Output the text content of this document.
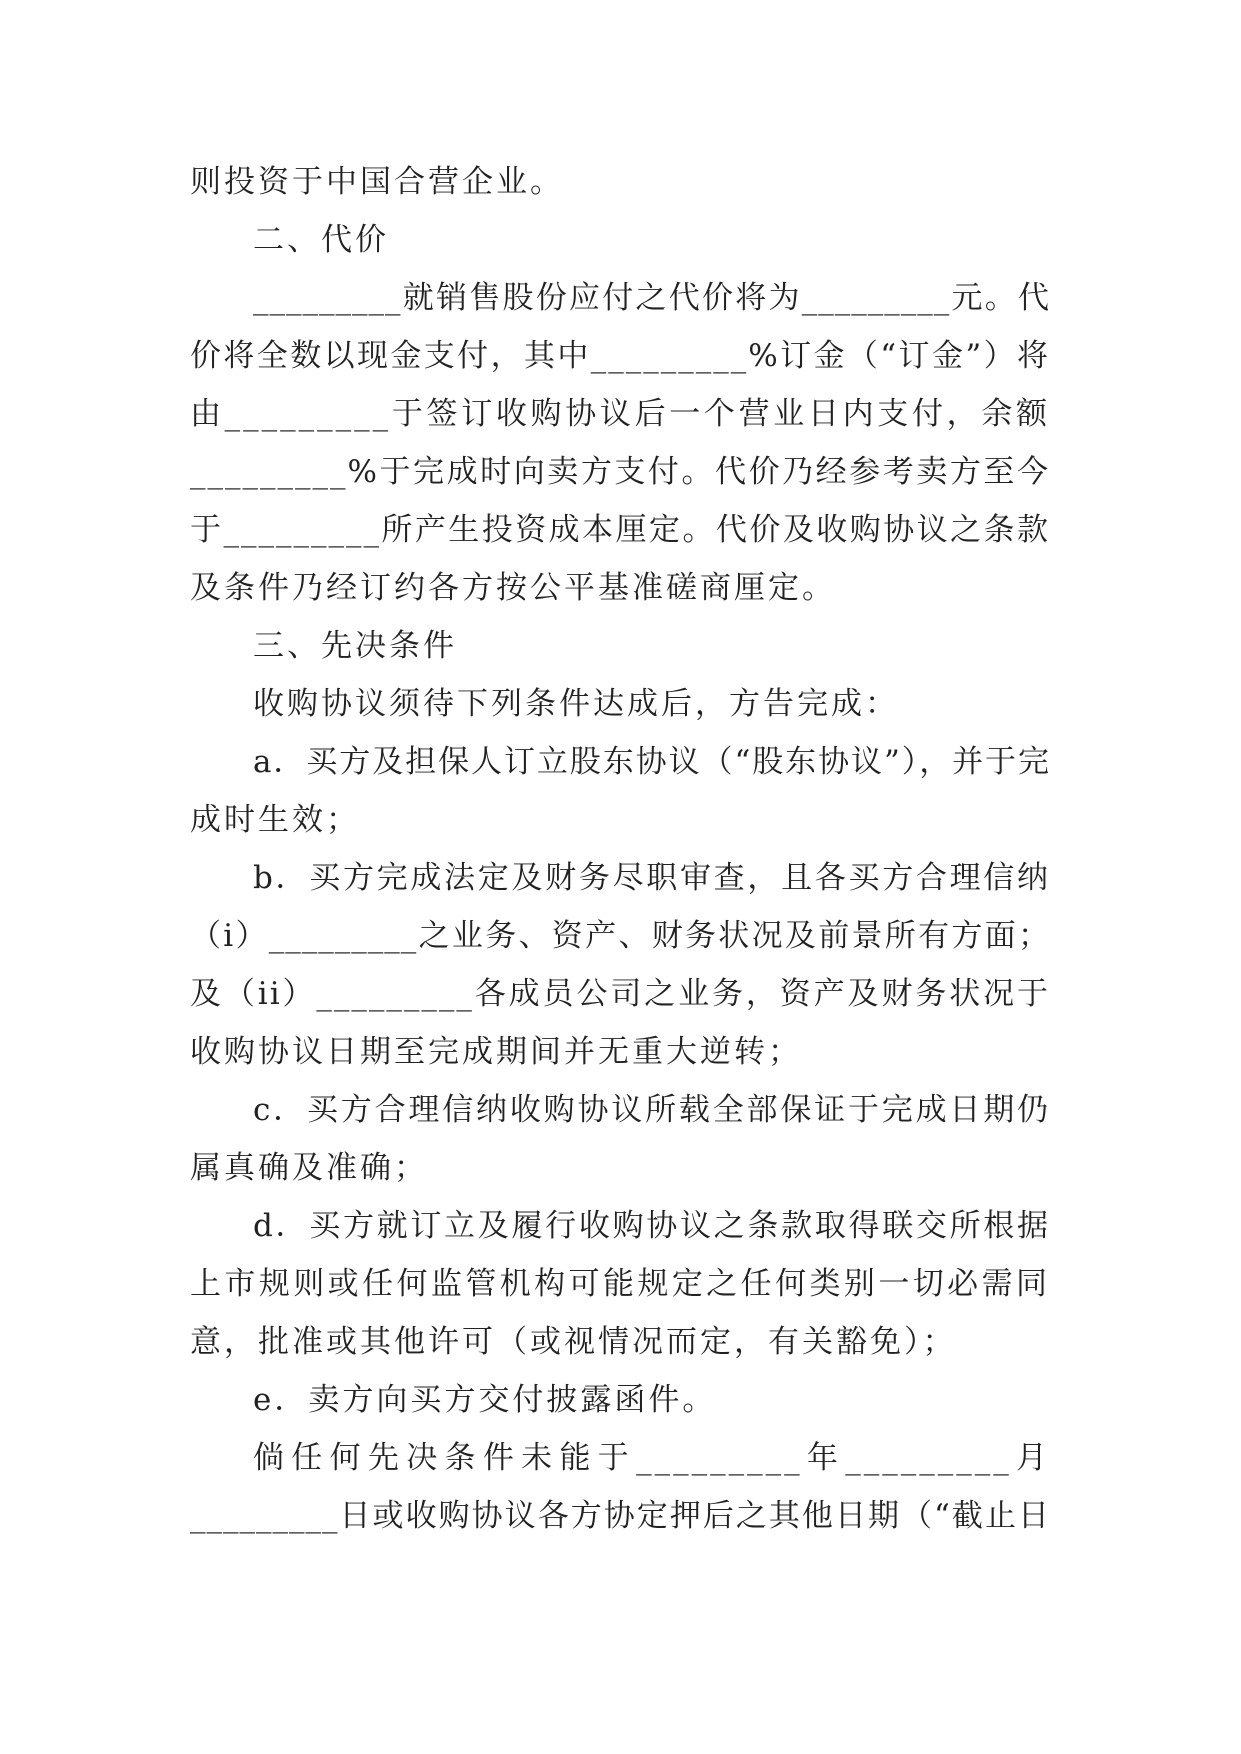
则投资于中国合营企业。
二、代价
_________就销售股份应付之代价将为_________元。代
价将全数以现金支付，其中_________%订金（“订金”）将
由_________于签订收购协议后一个营业日内支付，余额
_________%于完成时向卖方支付。代价乃经参考卖方至今
于_________所产生投资成本厘定。代价及收购协议之条款
及条件乃经订约各方按公平基准磋商厘定。
三、先决条件
收购协议须待下列条件达成后，方告完成：
a．买方及担保人订立股东协议（“股东协议”），并于完
成时生效；
b．买方完成法定及财务尽职审查，且各买方合理信纳
（i）_________之业务、资产、财务状况及前景所有方面；
及（ii）_________各成员公司之业务，资产及财务状况于
收购协议日期至完成期间并无重大逆转；
c．买方合理信纳收购协议所载全部保证于完成日期仍
属真确及准确；
d．买方就订立及履行收购协议之条款取得联交所根据
上市规则或任何监管机构可能规定之任何类别一切必需同
意，批准或其他许可（或视情况而定，有关豁免）；
e．卖方向买方交付披露函件。
倘任何先决条件未能于_________年_________月
_________日或收购协议各方协定押后之其他日期（“截止日
